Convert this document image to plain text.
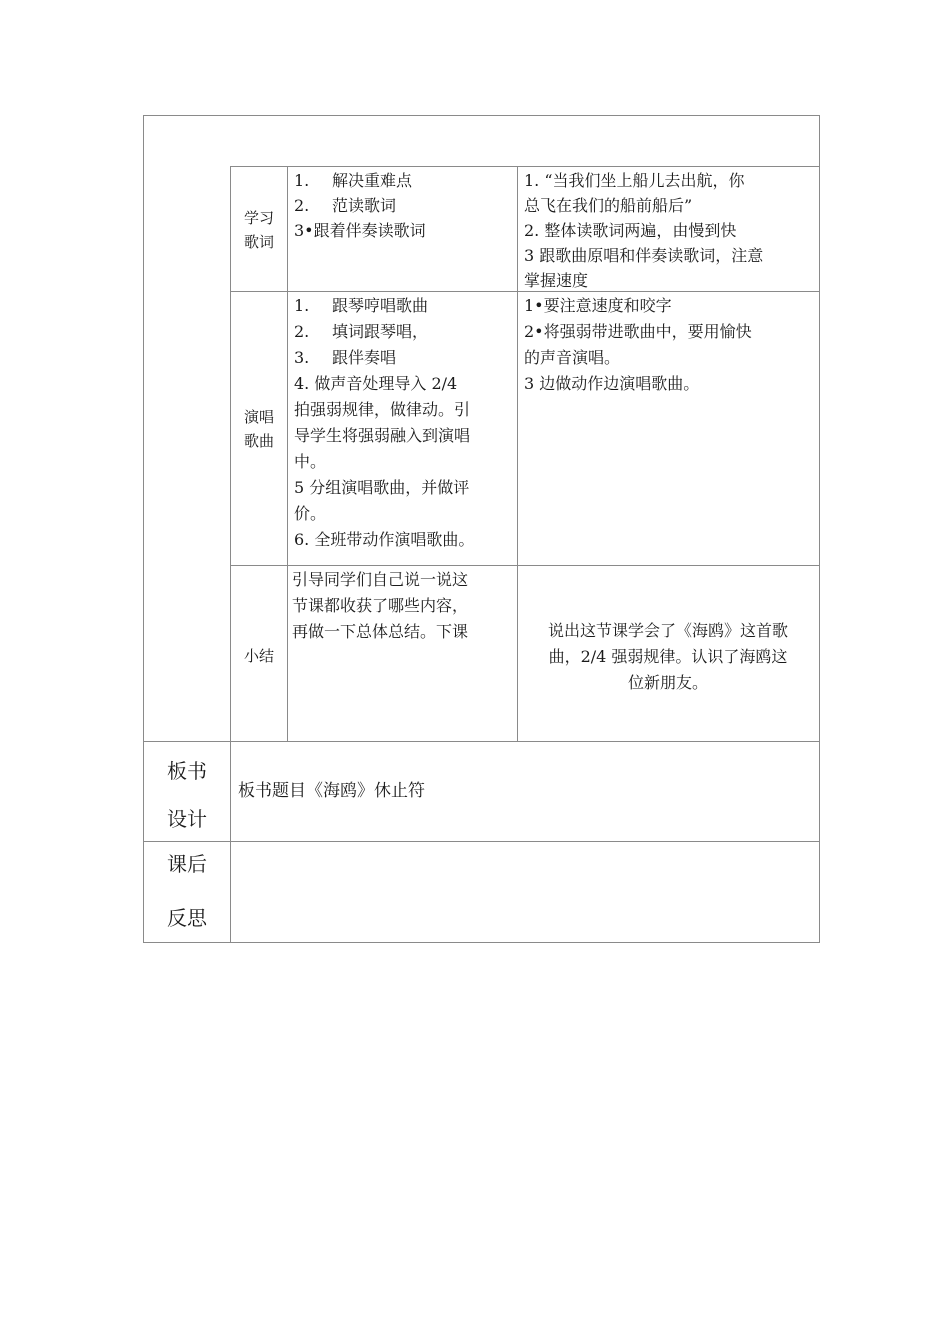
学习
歌词

1. 解决重难点

2. 范读歌词

3•跟着伴奏读歌词

1. “当我们坐上船儿去出航，你

总飞在我们的船前船后”

2. 整体读歌词两遍，由慢到快

3 跟歌曲原唱和伴奏读歌词，注意

掌握速度

演唱
歌曲

1. 跟琴哼唱歌曲

2. 填词跟琴唱，

3. 跟伴奏唱

4. 做声音处理导入 2/4

拍强弱规律，做律动。引

导学生将强弱融入到演唱

中。

5 分组演唱歌曲，并做评

价。

6. 全班带动作演唱歌曲。

1•要注意速度和咬字

2•将强弱带进歌曲中，要用愉快

的声音演唱。

3 边做动作边演唱歌曲。

小结

引导同学们自己说一说这

节课都收获了哪些内容，

再做一下总体总结。下课	说出这节课学会了《海鸥》这首歌

曲，2/4 强弱规律。认识了海鸥这

位新朋友。

板书
设计

板书题目《海鸥》休止符

课后
反思
